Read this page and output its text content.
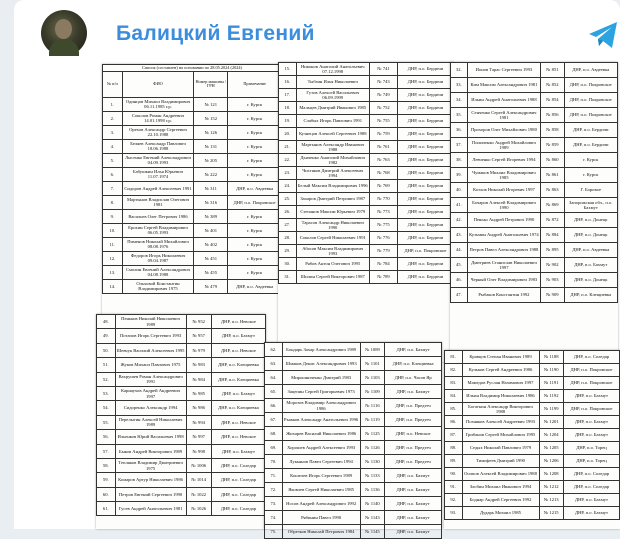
Балицкий Евгений
Список (составлен) на основании по 28.05.2024 (2024)			
№ п/п	ФИО	Номер машины / ГРН	Примечание
1.	Одинцов Михаил Владимирович 06.11.1985 г.р.	№ 121	г. Курск
2.	Соколов Роман Андреевич 14.01.1998 г.р.	№ 152	г. Курск
3.	Орехов Александр Сергеевич 22.10.1988	№ 126	г. Курск
4.	Беляев Александр Павлович 18.06.1988	№ 131	г. Курск
5.	Лысенко Евгений Александрович 04.09.1993	№ 205	г. Курск
6.	Бабушкин Илья Юрьевич 11.07.1974	№ 222	г. Курск
7.	Сидоров Андрей Алексеевич 1991	№ 311	ДНР, п.о. Авдеевка
8.	Мартынов Владислав Олегович 1981	№ 316	ДНР, п.о. Покровское
9.	Васильев Олег Петрович 1986	№ 389	г. Курск
10.	Ерохин Сергей Владимирович 06.05.1993	№ 401	г. Курск
11.	Пименов Николай Михайлович 08.08.1976	№ 402	г. Курск
12.	Федоров Игорь Николаевич 09.04.1987	№ 451	г. Курск
13.	Смолин Евгений Александрович 04.08.1988	№ 455	г. Курск
14.	Ольховой Константин Владимирович 1975	№ 479	ДНР, п.о. Авдеевка
15.	Никонов Анатолий Анатольевич 07.12.1998	№ 741	ДНР, п.о. Бердичи
16.	Тыбзин Илья Николаевич	№ 743	ДНР, п.о. Бердичи
17.	Гутов Алексей Васильевич 06.09.1999	№ 749	ДНР, п.о. Бердичи
18.	Мальцев Дмитрий Иванович 1985	№ 752	ДНР, п.о. Бердичи
19.	Слабых Игорь Павлович 1991	№ 755	ДНР, п.о. Бердичи
20.	Кузнецов Алексей Сергеевич 1988	№ 759	ДНР, п.о. Бердичи
21.	Мартынов Александр Иванович 1988	№ 761	ДНР, п.о. Бердичи
22.	Дьяченко Анатолий Михайлович 1982	№ 763	ДНР, п.о. Бердичи
23.	Чистяков Дмитрий Алексеевич 1994	№ 768	ДНР, п.о. Бердичи
24.	Белый Максим Владимирович 1996	№ 769	ДНР, п.о. Бердичи
25.	Захаров Дмитрий Петрович 1987	№ 770	ДНР, п.о. Бердичи
26.	Степанов Максим Юрьевич 1979	№ 773	ДНР, п.о. Бердичи
27.	Тарасов Александр Николаевич 1990	№ 775	ДНР, п.о. Бердичи
28.	Соколов Сергей Николаевич 1991	№ 776	ДНР, п.о. Бердичи
29.	Абасов Максим Владимирович 1993	№ 779	ДНР, п.о. Покровское
30.	Рябов Антон Олегович 1995	№ 784	ДНР, п.о. Бердичи
31.	Шилин Сергей Викторович 1987	№ 789	ДНР, п.о. Бердичи
32.	Ионов Тарас Сергеевич 1993	№ 851	ДНР, п.о. Авдеевка
33.	Ким Максим Александрович 1981	№ 852	ДНР, п.о. Покровское
34.	Ильин Андрей Анатольевич 1988	№ 854	ДНР, п.о. Покровское
35.	Сенченко Сергей Александрович 1981	№ 856	ДНР, п.о. Покровское
36.	Прохоров Олег Михайлович 1980	№ 858	ДНР, п.о. Бердичи
37.	Пилипенко Андрей Михайлович 1989	№ 859	ДНР, п.о. Бердичи
38.	Левченко Сергей Игоревич 1994	№ 860	г. Курск
39.	Чумаков Михаил Владимирович 1985	№ 861	г. Курск
40.	Козлов Николай Игоревич 1997	№ 863	Г. Боровое
41.	Бочаров Алексей Владимирович 1990	№ 869	Запорожская обл., п.о. Бахмут
42.	Пенько Андрей Петрович 1990	№ 872	ДНР, п.о. Донецк
43.	Кузьмин Андрей Анатольевич 1974	№ 884	ДНР, п.о. Донецк
44.	Петров Павел Александрович 1988	№ 895	ДНР, п.о. Авдеевка
45.	Дмитриев Станислав Николаевич 1997	№ 902	ДНР, п.о. Бахмут
46.	Черный Олег Владимирович 1983	№ 903	ДНР, п.о. Донецк
47.	Рыбаков Константин 1992	№ 909	ДНР, п.о. Клещиевка
48.	Пеньков Николай Николаевич 1989	№ 952	ДНР, п.о. Невское
49.	Потапов Игорь Сергеевич 1993	№ 957	ДНР, п.о. Бахмут
50.	Шевчук Василий Алексеевич 1995	№ 979	ДНР, п.о. Невское
51.	Жуков Михаил Павлович 1975	№ 983	ДНР, п.о. Клещиевка
52.	Вахрушев Роман Александрович 1991	№ 984	ДНР, п.о. Клещиевка
53.	Карнаухов Андрей Андреевич 1997	№ 985	ДНР, п.о. Бахмут
54.	Сидоренко Александр 1994	№ 986	ДНР, п.о. Клещиевка
55.	Перелыгин Алексей Николаевич 1989	№ 994	ДНР, п.о. Невское
56.	Ильенков Юрий Васильевич 1998	№ 997	ДНР, п.о. Невское
57.	Быков Андрей Викторович 1989	№ 998	ДНР, п.о. Бахмут
58.	Тепляков Владимир Дмитриевич 1975	№ 1006	ДНР, п.о. Соледар
59.	Комаров Артур Николаевич 1986	№ 1014	ДНР, п.о. Соледар
60.	Петров Евгений Сергеевич 1990	№ 1022	ДНР, п.о. Соледар
61.	Гусев Андрей Анатольевич 1981	№ 1026	ДНР, п.о. Соледар
62.	Бондарь Захар Александрович 1989	№ 1089	ДНР, п.о. Бахмут
63.	Шмаков Денис Александрович 1993	№ 1101	ДНР, п.о. Клещиевка
64.	Мирошниченко Дмитрий 1983	№ 1103	ДНР, п.о. Часов Яр
65.	Зацепин Сергей Григорьевич 1973	№ 1109	ДНР, п.о. Бахмут
66.	Морозов Владимир Александрович 1986	№ 1116	ДНР, п.о. Предтеч
67.	Рыжков Александр Анатольевич 1996	№ 1119	ДНР, п.о. Предтеч
68.	Жихарев Василий Николаевич 1986	№ 1125	ДНР, п.о. Невское
69.	Хорошев Андрей Алексеевич 1993	№ 1126	ДНР, п.о. Предтеч
70.	Лукьянов Павел Сергеевич 1994	№ 1130	ДНР, п.о. Предтеч
71.	Кошелев Игорь Сергеевич 1989	№ 1133	ДНР, п.о. Бахмут
72.	Яковлев Сергей Николаевич 1985	№ 1136	ДНР, п.о. Бахмут
73.	Носов Андрей Александрович 1992	№ 1140	ДНР, п.о. Бахмут
74.	Рябинин Павел 1990	№ 1143	ДНР, п.о. Бахмут
75.	Обрезков Николай Петрович 1984	№ 1145	ДНР, п.о. Бахмут
81.	Кравцов Степан Иванович 1989	№ 1188	ДНР, п.о. Соледар
82.	Кульков Сергей Андреевич 1986	№ 1190	ДНР, п.о. Покровское
83.	Мамедов Руслан Назимович 1997	№ 1191	ДНР, п.о. Покровское
84.	Ильин Владимир Николаевич 1986	№ 1192	ДНР, п.о. Бахмут
85.	Богаткин Александр Викторович 1988	№ 1199	ДНР, п.о. Покровское
86.	Позняков Алексей Андреевич 1993	№ 1201	ДНР, п.о. Бахмут
87.	Грибанов Сергей Михайлович 1995	№ 1204	ДНР, п.о. Бахмут
88.	Седых Николай Павлович 1979	№ 1205	ДНР, п.о. Торец
89.	Тимофеев Дмитрий 1990	№ 1206	ДНР, п.о. Торец
90.	Осипов Алексей Владимирович 1988	№ 1208	ДНР, п.о. Соледар
91.	Злобин Михаил Иванович 1994	№ 1212	ДНР, п.о. Соледар
92.	Боднар Андрей Сергеевич 1992	№ 1213	ДНР, п.о. Бахмут
93.	Дударь Михаил 1985	№ 1215	ДНР, п.о. Бахмут
